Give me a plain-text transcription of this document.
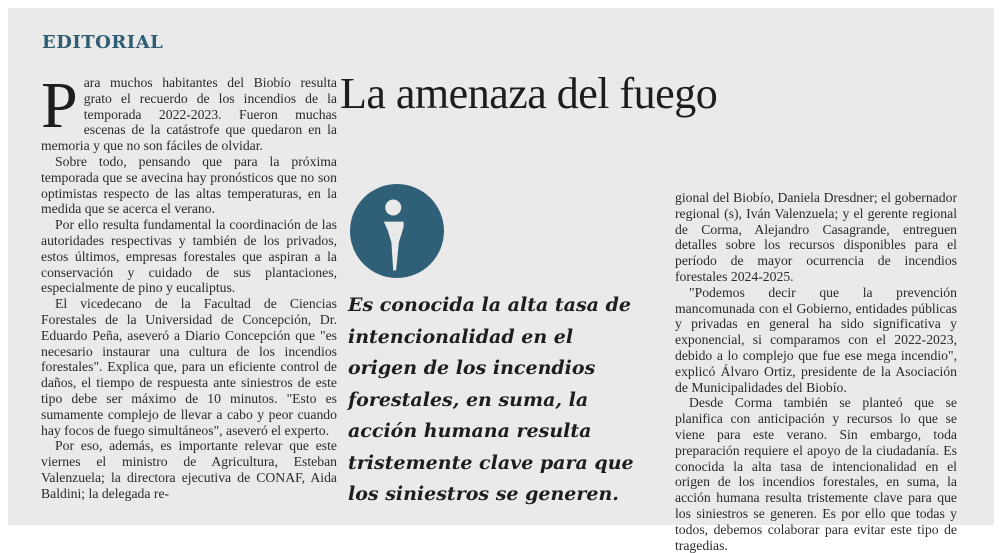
EDITORIAL
La amenaza del fuego

Para muchos habitantes del Biobío resulta grato el recuerdo de los incendios de la temporada 2022-2023. Fueron muchas escenas de la catástrofe que quedaron en la memoria y que no son fáciles de olvidar.

Sobre todo, pensando que para la próxima temporada que se avecina hay pronósticos que no son optimistas respecto de las altas temperaturas, en la medida que se acerca el verano.

Por ello resulta fundamental la coordinación de las autoridades respectivas y también de los privados, estos últimos, empresas forestales que aspiran a la conservación y cuidado de sus plantaciones, especialmente de pino y eucaliptus.

El vicedecano de la Facultad de Ciencias Forestales de la Universidad de Concepción, Dr. Eduardo Peña, aseveró a Diario Concepción que "es necesario instaurar una cultura de los incendios forestales". Explica que, para un eficiente control de daños, el tiempo de respuesta ante siniestros de este tipo debe ser máximo de 10 minutos. "Esto es sumamente complejo de llevar a cabo y peor cuando hay focos de fuego simultáneos", aseveró el experto.

Por eso, además, es importante relevar que este viernes el ministro de Agricultura, Esteban Valenzuela; la directora ejecutiva de CONAF, Aida Baldini; la delegada re-

Es conocida la alta tasa de intencionalidad en el origen de los incendios forestales, en suma, la acción humana resulta tristemente clave para que los siniestros se generen.

gional del Biobío, Daniela Dresdner; el gobernador regional (s), Iván Valenzuela; y el gerente regional de Corma, Alejandro Casagrande, entreguen detalles sobre los recursos disponibles para el período de mayor ocurrencia de incendios forestales 2024-2025.

"Podemos decir que la prevención mancomunada con el Gobierno, entidades públicas y privadas en general ha sido significativa y exponencial, si comparamos con el 2022-2023, debido a lo complejo que fue ese mega incendio", explicó Álvaro Ortiz, presidente de la Asociación de Municipalidades del Biobío.

Desde Corma también se planteó que se planifica con anticipación y recursos lo que se viene para este verano. Sin embargo, toda preparación requiere el apoyo de la ciudadanía. Es conocida la alta tasa de intencionalidad en el origen de los incendios forestales, en suma, la acción humana resulta tristemente clave para que los siniestros se generen. Es por ello que todas y todos, debemos colaborar para evitar este tipo de tragedias.
